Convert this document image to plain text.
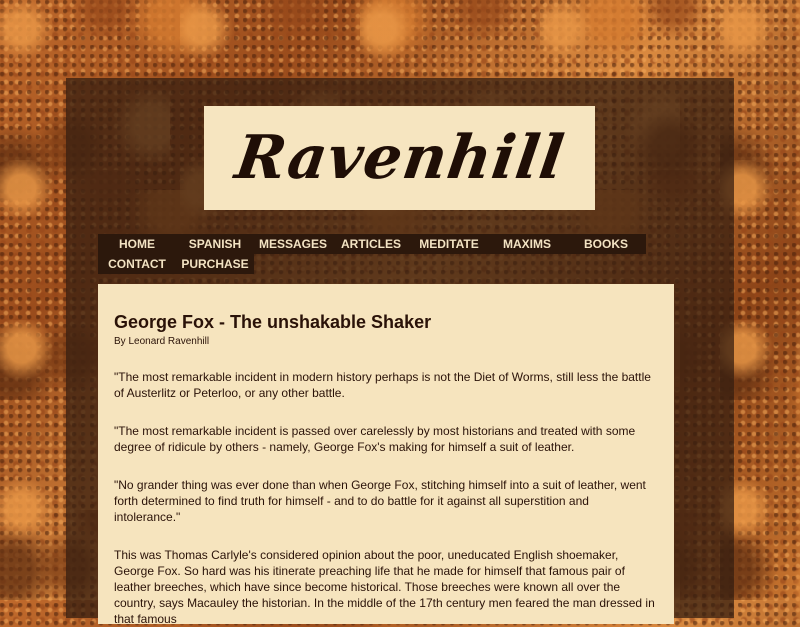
Ravenhill
HOME	SPANISH	MESSAGES	ARTICLES	MEDITATE	MAXIMS	BOOKS
CONTACT	PURCHASE
George Fox - The unshakable Shaker

By Leonard Ravenhill

"The most remarkable incident in modern history perhaps is not the Diet of Worms, still less the battle of Austerlitz or Peterloo, or any other battle.

"The most remarkable incident is passed over carelessly by most historians and treated with some degree of ridicule by others - namely, George Fox's making for himself a suit of leather.

"No grander thing was ever done than when George Fox, stitching himself into a suit of leather, went forth determined to find truth for himself - and to do battle for it against all superstition and intolerance."

This was Thomas Carlyle's considered opinion about the poor, uneducated English shoemaker, George Fox. So hard was his itinerate preaching life that he made for himself that famous pair of leather breeches, which have since become historical. Those breeches were known all over the country, says Macauley the historian. In the middle of the 17th century men feared the man dressed in that famous
